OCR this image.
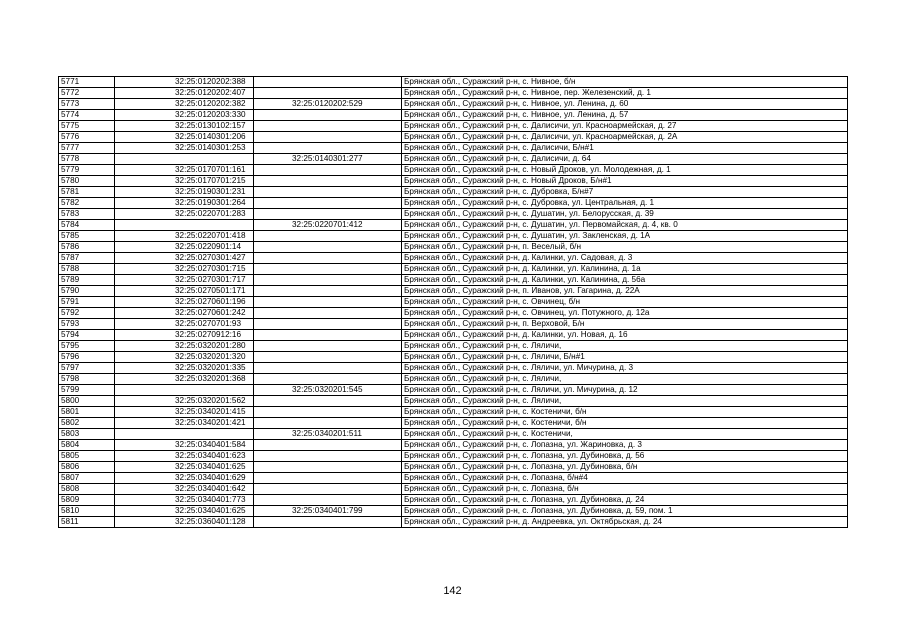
5771	32:25:0120202:388		Брянская обл., Суражский р-н, с. Нивное, б/н
5772	32:25:0120202:407		Брянская обл., Суражский р-н, с. Нивное, пер. Железенский, д. 1
5773	32:25:0120202:382	32:25:0120202:529	Брянская обл., Суражский р-н, с. Нивное, ул. Ленина, д. 60
5774	32:25:0120203:330		Брянская обл., Суражский р-н, с. Нивное, ул. Ленина, д. 57
5775	32:25:0130102:157		Брянская обл., Суражский р-н, с. Далисичи, ул. Красноармейская, д. 27
5776	32:25:0140301:206		Брянская обл., Суражский р-н, с. Далисичи, ул. Красноармейская, д. 2А
5777	32:25:0140301:253		Брянская обл., Суражский р-н, с. Далисичи, Б/н#1
5778		32:25:0140301:277	Брянская обл., Суражский р-н, с. Далисичи, д. 64
5779	32:25:0170701:161		Брянская обл., Суражский р-н, с. Новый Дроков, ул. Молодежная, д. 1
5780	32:25:0170701:215		Брянская обл., Суражский р-н, с. Новый Дроков, Б/н#1
5781	32:25:0190301:231		Брянская обл., Суражский р-н, с. Дубровка, Б/н#7
5782	32:25:0190301:264		Брянская обл., Суражский р-н, с. Дубровка, ул. Центральная, д. 1
5783	32:25:0220701:283		Брянская обл., Суражский р-н, с. Душатин, ул. Белорусская, д. 39
5784		32:25:0220701:412	Брянская обл., Суражский р-н, с. Душатин, ул. Первомайская, д. 4, кв. 0
5785	32:25:0220701:418		Брянская обл., Суражский р-н, с. Душатин, ул. Закленская, д. 1А
5786	32:25:0220901:14		Брянская обл., Суражский р-н, п. Веселый, б/н
5787	32:25:0270301:427		Брянская обл., Суражский р-н, д. Калинки, ул. Садовая, д. 3
5788	32:25:0270301:715		Брянская обл., Суражский р-н, д. Калинки, ул. Калинина, д. 1а
5789	32:25:0270301:717		Брянская обл., Суражский р-н, д. Калинки, ул. Калинина, д. 56а
5790	32:25:0270501:171		Брянская обл., Суражский р-н, п. Иванов, ул. Гагарина, д. 22А
5791	32:25:0270601:196		Брянская обл., Суражский р-н, с. Овчинец, б/н
5792	32:25:0270601:242		Брянская обл., Суражский р-н, с. Овчинец, ул. Потужного, д. 12а
5793	32:25:0270701:93		Брянская обл., Суражский р-н, п. Верховой, Б/н
5794	32:25:0270912:16		Брянская обл., Суражский р-н, д. Калинки, ул. Новая, д. 16
5795	32:25:0320201:280		Брянская обл., Суражский р-н, с. Ляличи,
5796	32:25:0320201:320		Брянская обл., Суражский р-н, с. Ляличи, Б/н#1
5797	32:25:0320201:335		Брянская обл., Суражский р-н, с. Ляличи, ул. Мичурина, д. 3
5798	32:25:0320201:368		Брянская обл., Суражский р-н, с. Ляличи,
5799		32:25:0320201:545	Брянская обл., Суражский р-н, с. Ляличи, ул. Мичурина, д. 12
5800	32:25:0320201:562		Брянская обл., Суражский р-н, с. Ляличи,
5801	32:25:0340201:415		Брянская обл., Суражский р-н, с. Костеничи, б/н
5802	32:25:0340201:421		Брянская обл., Суражский р-н, с. Костеничи, б/н
5803		32:25:0340201:511	Брянская обл., Суражский р-н, с. Костеничи,
5804	32:25:0340401:584		Брянская обл., Суражский р-н, с. Лопазна, ул. Жариновка, д. 3
5805	32:25:0340401:623		Брянская обл., Суражский р-н, с. Лопазна, ул. Дубиновка, д. 56
5806	32:25:0340401:625		Брянская обл., Суражский р-н, с. Лопазна, ул. Дубиновка, б/н
5807	32:25:0340401:629		Брянская обл., Суражский р-н, с. Лопазна, б/н#4
5808	32:25:0340401:642		Брянская обл., Суражский р-н, с. Лопазна, б/н
5809	32:25:0340401:773		Брянская обл., Суражский р-н, с. Лопазна, ул. Дубиновка, д. 24
5810	32:25:0340401:625	32:25:0340401:799	Брянская обл., Суражский р-н, с. Лопазна, ул. Дубиновка, д. 59, пом. 1
5811	32:25:0360401:128		Брянская обл., Суражский р-н, д. Андреевка, ул. Октябрьская, д. 24
142
